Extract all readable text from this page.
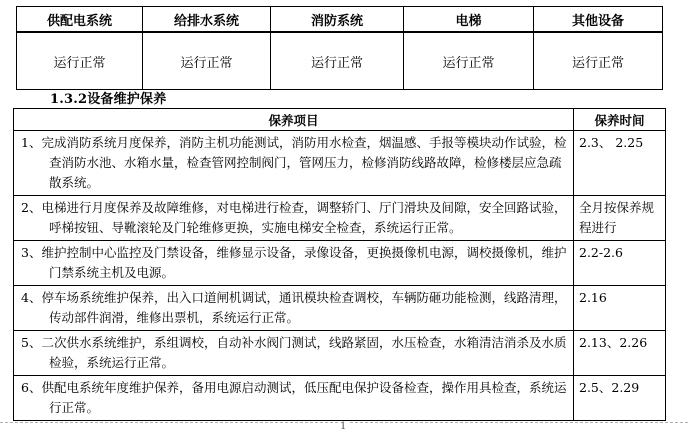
供配电系统	给排水系统	消防系统	电梯	其他设备
运行正常	运行正常	运行正常	运行正常	运行正常
1.3.2设备维护保养
保养项目	保养时间

1、完成消防系统月度保养，消防主机功能测试，消防用水检查，烟温感、手报等模块动作试验，检查消防水池、水箱水量，检查管网控制阀门，管网压力，检修消防线路故障，检修楼层应急疏散系统。	2.3、 2.25

2、电梯进行月度保养及故障维修，对电梯进行检查，调整轿门、厅门滑块及间隙，安全回路试验，呼梯按钮、导靴滚轮及门轮维修更换，实施电梯安全检查，系统运行正常。	全月按保养规程进行

3、维护控制中心监控及门禁设备，维修显示设备，录像设备，更换摄像机电源，调校摄像机，维护门禁系统主机及电源。	2.2-2.6

4、停车场系统维护保养，出入口道闸机调试，通讯模块检查调校，车辆防砸功能检测，线路清理，传动部件润滑，维修出票机，系统运行正常。	2.16

5、二次供水系统维护，系组调校，自动补水阀门测试，线路紧固，水压检查，水箱清洁消杀及水质检验，系统运行正常。	2.13、2.26

6、供配电系统年度维护保养，备用电源启动测试，低压配电保护设备检查，操作用具检查，系统运行正常。	2.5、2.29
1
